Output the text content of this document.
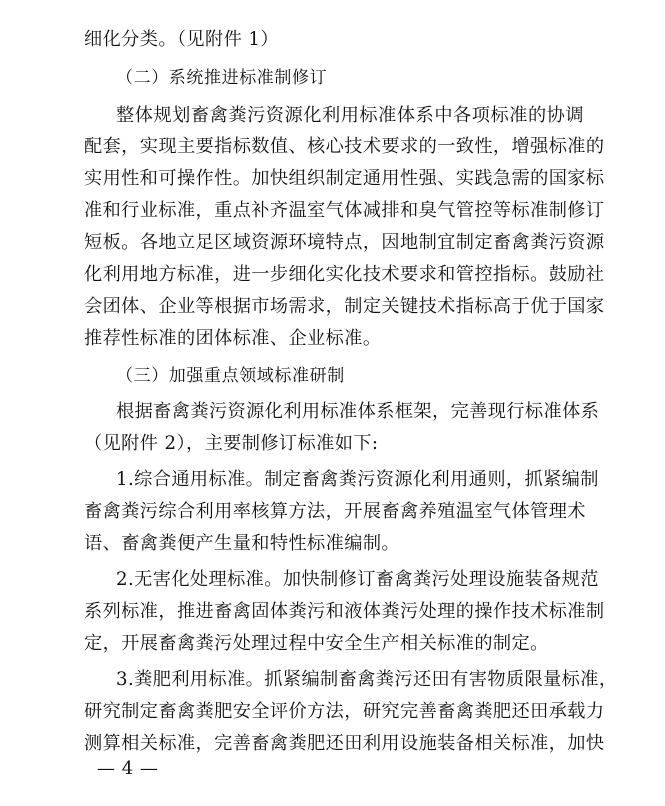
细化分类。（见附件 1）
（二）系统推进标准制修订
整体规划畜禽粪污资源化利用标准体系中各项标准的协调
配套，实现主要指标数值、核心技术要求的一致性，增强标准的
实用性和可操作性。加快组织制定通用性强、实践急需的国家标
准和行业标准，重点补齐温室气体减排和臭气管控等标准制修订
短板。各地立足区域资源环境特点，因地制宜制定畜禽粪污资源
化利用地方标准，进一步细化实化技术要求和管控指标。鼓励社
会团体、企业等根据市场需求，制定关键技术指标高于优于国家
推荐性标准的团体标准、企业标准。
（三）加强重点领域标准研制
根据畜禽粪污资源化利用标准体系框架，完善现行标准体系
（见附件 2），主要制修订标准如下:
1.综合通用标准。制定畜禽粪污资源化利用通则，抓紧编制
畜禽粪污综合利用率核算方法，开展畜禽养殖温室气体管理术
语、畜禽粪便产生量和特性标准编制。
2.无害化处理标准。加快制修订畜禽粪污处理设施装备规范
系列标准，推进畜禽固体粪污和液体粪污处理的操作技术标准制
定，开展畜禽粪污处理过程中安全生产相关标准的制定。
3.粪肥利用标准。抓紧编制畜禽粪污还田有害物质限量标准，
研究制定畜禽粪肥安全评价方法，研究完善畜禽粪肥还田承载力
测算相关标准，完善畜禽粪肥还田利用设施装备相关标准，加快
— 4 —
